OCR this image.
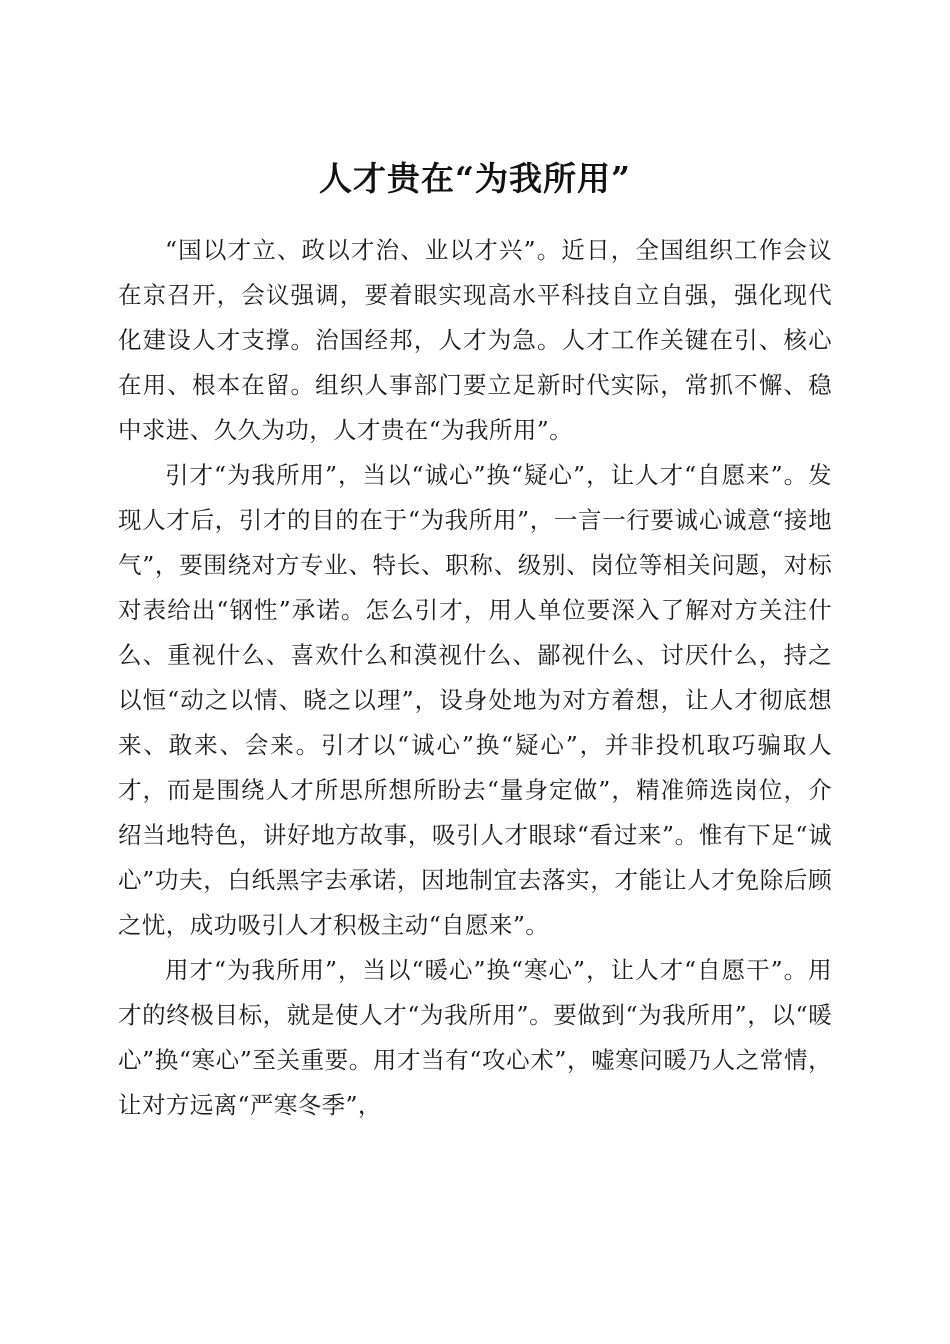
人才贵在“为我所用”

“国以才立、政以才治、业以才兴”。近日，全国组织工作会议在京召开，会议强调，要着眼实现高水平科技自立自强，强化现代化建设人才支撑。治国经邦，人才为急。人才工作关键在引、核心在用、根本在留。组织人事部门要立足新时代实际，常抓不懈、稳中求进、久久为功，人才贵在“为我所用”。

引才“为我所用”，当以“诚心”换“疑心”，让人才“自愿来”。发现人才后，引才的目的在于“为我所用”，一言一行要诚心诚意“接地气”，要围绕对方专业、特长、职称、级别、岗位等相关问题，对标对表给出“钢性”承诺。怎么引才，用人单位要深入了解对方关注什么、重视什么、喜欢什么和漠视什么、鄙视什么、讨厌什么，持之以恒“动之以情、晓之以理”，设身处地为对方着想，让人才彻底想来、敢来、会来。引才以“诚心”换“疑心”，并非投机取巧骗取人才，而是围绕人才所思所想所盼去“量身定做”，精准筛选岗位，介绍当地特色，讲好地方故事，吸引人才眼球“看过来”。惟有下足“诚心”功夫，白纸黑字去承诺，因地制宜去落实，才能让人才免除后顾之忧，成功吸引人才积极主动“自愿来”。

用才“为我所用”，当以“暖心”换“寒心”，让人才“自愿干”。用才的终极目标，就是使人才“为我所用”。要做到“为我所用”，以“暖心”换“寒心”至关重要。用才当有“攻心术”，嘘寒问暖乃人之常情，让对方远离“严寒冬季”，
